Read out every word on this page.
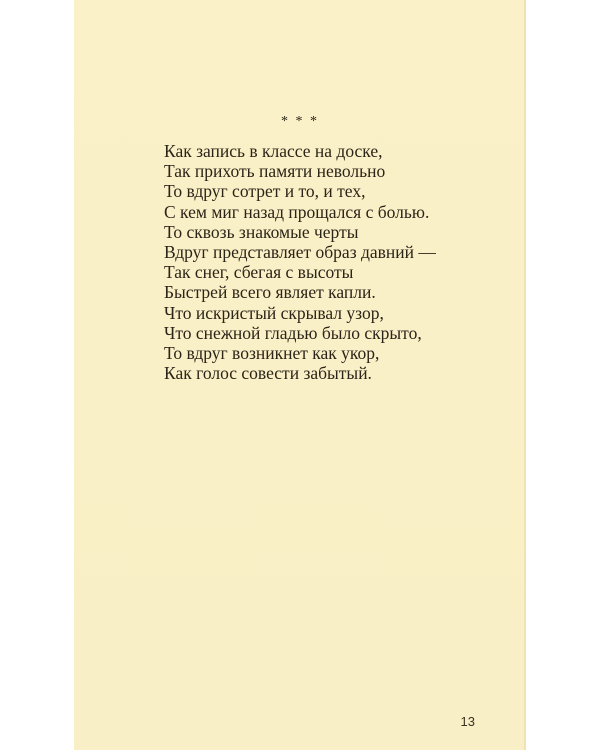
* * *
Как запись в классе на доске,
Так прихоть памяти невольно
То вдруг сотрет и то, и тех,
С кем миг назад прощался с болью.
То сквозь знакомые черты
Вдруг представляет образ давний —
Так снег, сбегая с высоты
Быстрей всего являет капли.
Что искристый скрывал узор,
Что снежной гладью было скрыто,
То вдруг возникнет как укор,
Как голос совести забытый.
13
